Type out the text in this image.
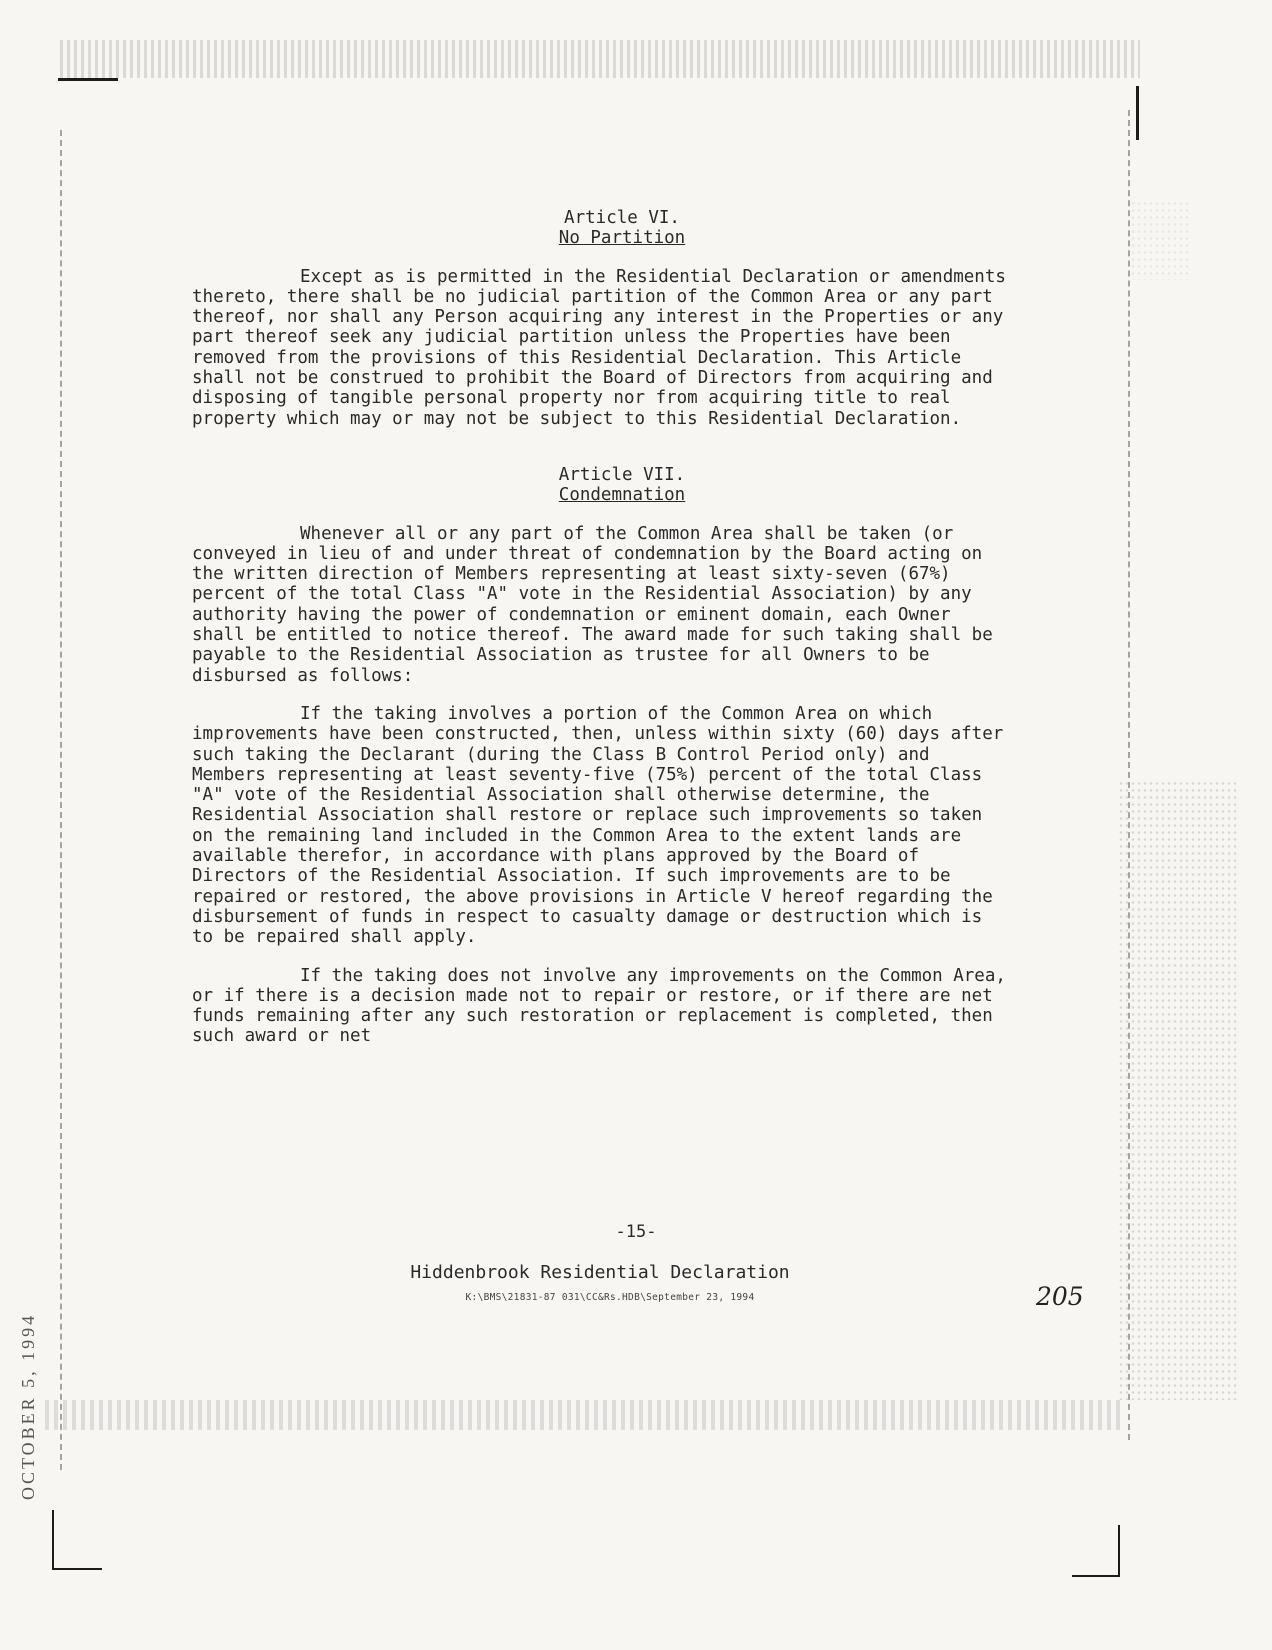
Article VI.
No Partition

Except as is permitted in the Residential Declaration or amendments thereto, there shall be no judicial partition of the Common Area or any part thereof, nor shall any Person acquiring any interest in the Properties or any part thereof seek any judicial partition unless the Properties have been removed from the provisions of this Residential Declaration. This Article shall not be construed to prohibit the Board of Directors from acquiring and disposing of tangible personal property nor from acquiring title to real property which may or may not be subject to this Residential Declaration.

Article VII.
Condemnation

Whenever all or any part of the Common Area shall be taken (or conveyed in lieu of and under threat of condemnation by the Board acting on the written direction of Members representing at least sixty-seven (67%) percent of the total Class "A" vote in the Residential Association) by any authority having the power of condemnation or eminent domain, each Owner shall be entitled to notice thereof. The award made for such taking shall be payable to the Residential Association as trustee for all Owners to be disbursed as follows:

If the taking involves a portion of the Common Area on which improvements have been constructed, then, unless within sixty (60) days after such taking the Declarant (during the Class B Control Period only) and Members representing at least seventy-five (75%) percent of the total Class "A" vote of the Residential Association shall otherwise determine, the Residential Association shall restore or replace such improvements so taken on the remaining land included in the Common Area to the extent lands are available therefor, in accordance with plans approved by the Board of Directors of the Residential Association. If such improvements are to be repaired or restored, the above provisions in Article V hereof regarding the disbursement of funds in respect to casualty damage or destruction which is to be repaired shall apply.

If the taking does not involve any improvements on the Common Area, or if there is a decision made not to repair or restore, or if there are net funds remaining after any such restoration or replacement is completed, then such award or net

-15-
Hiddenbrook Residential Declaration
K:\BMS\21831-87 031\CC&Rs.HDB\September 23, 1994	205
OCTOBER 5, 1994
